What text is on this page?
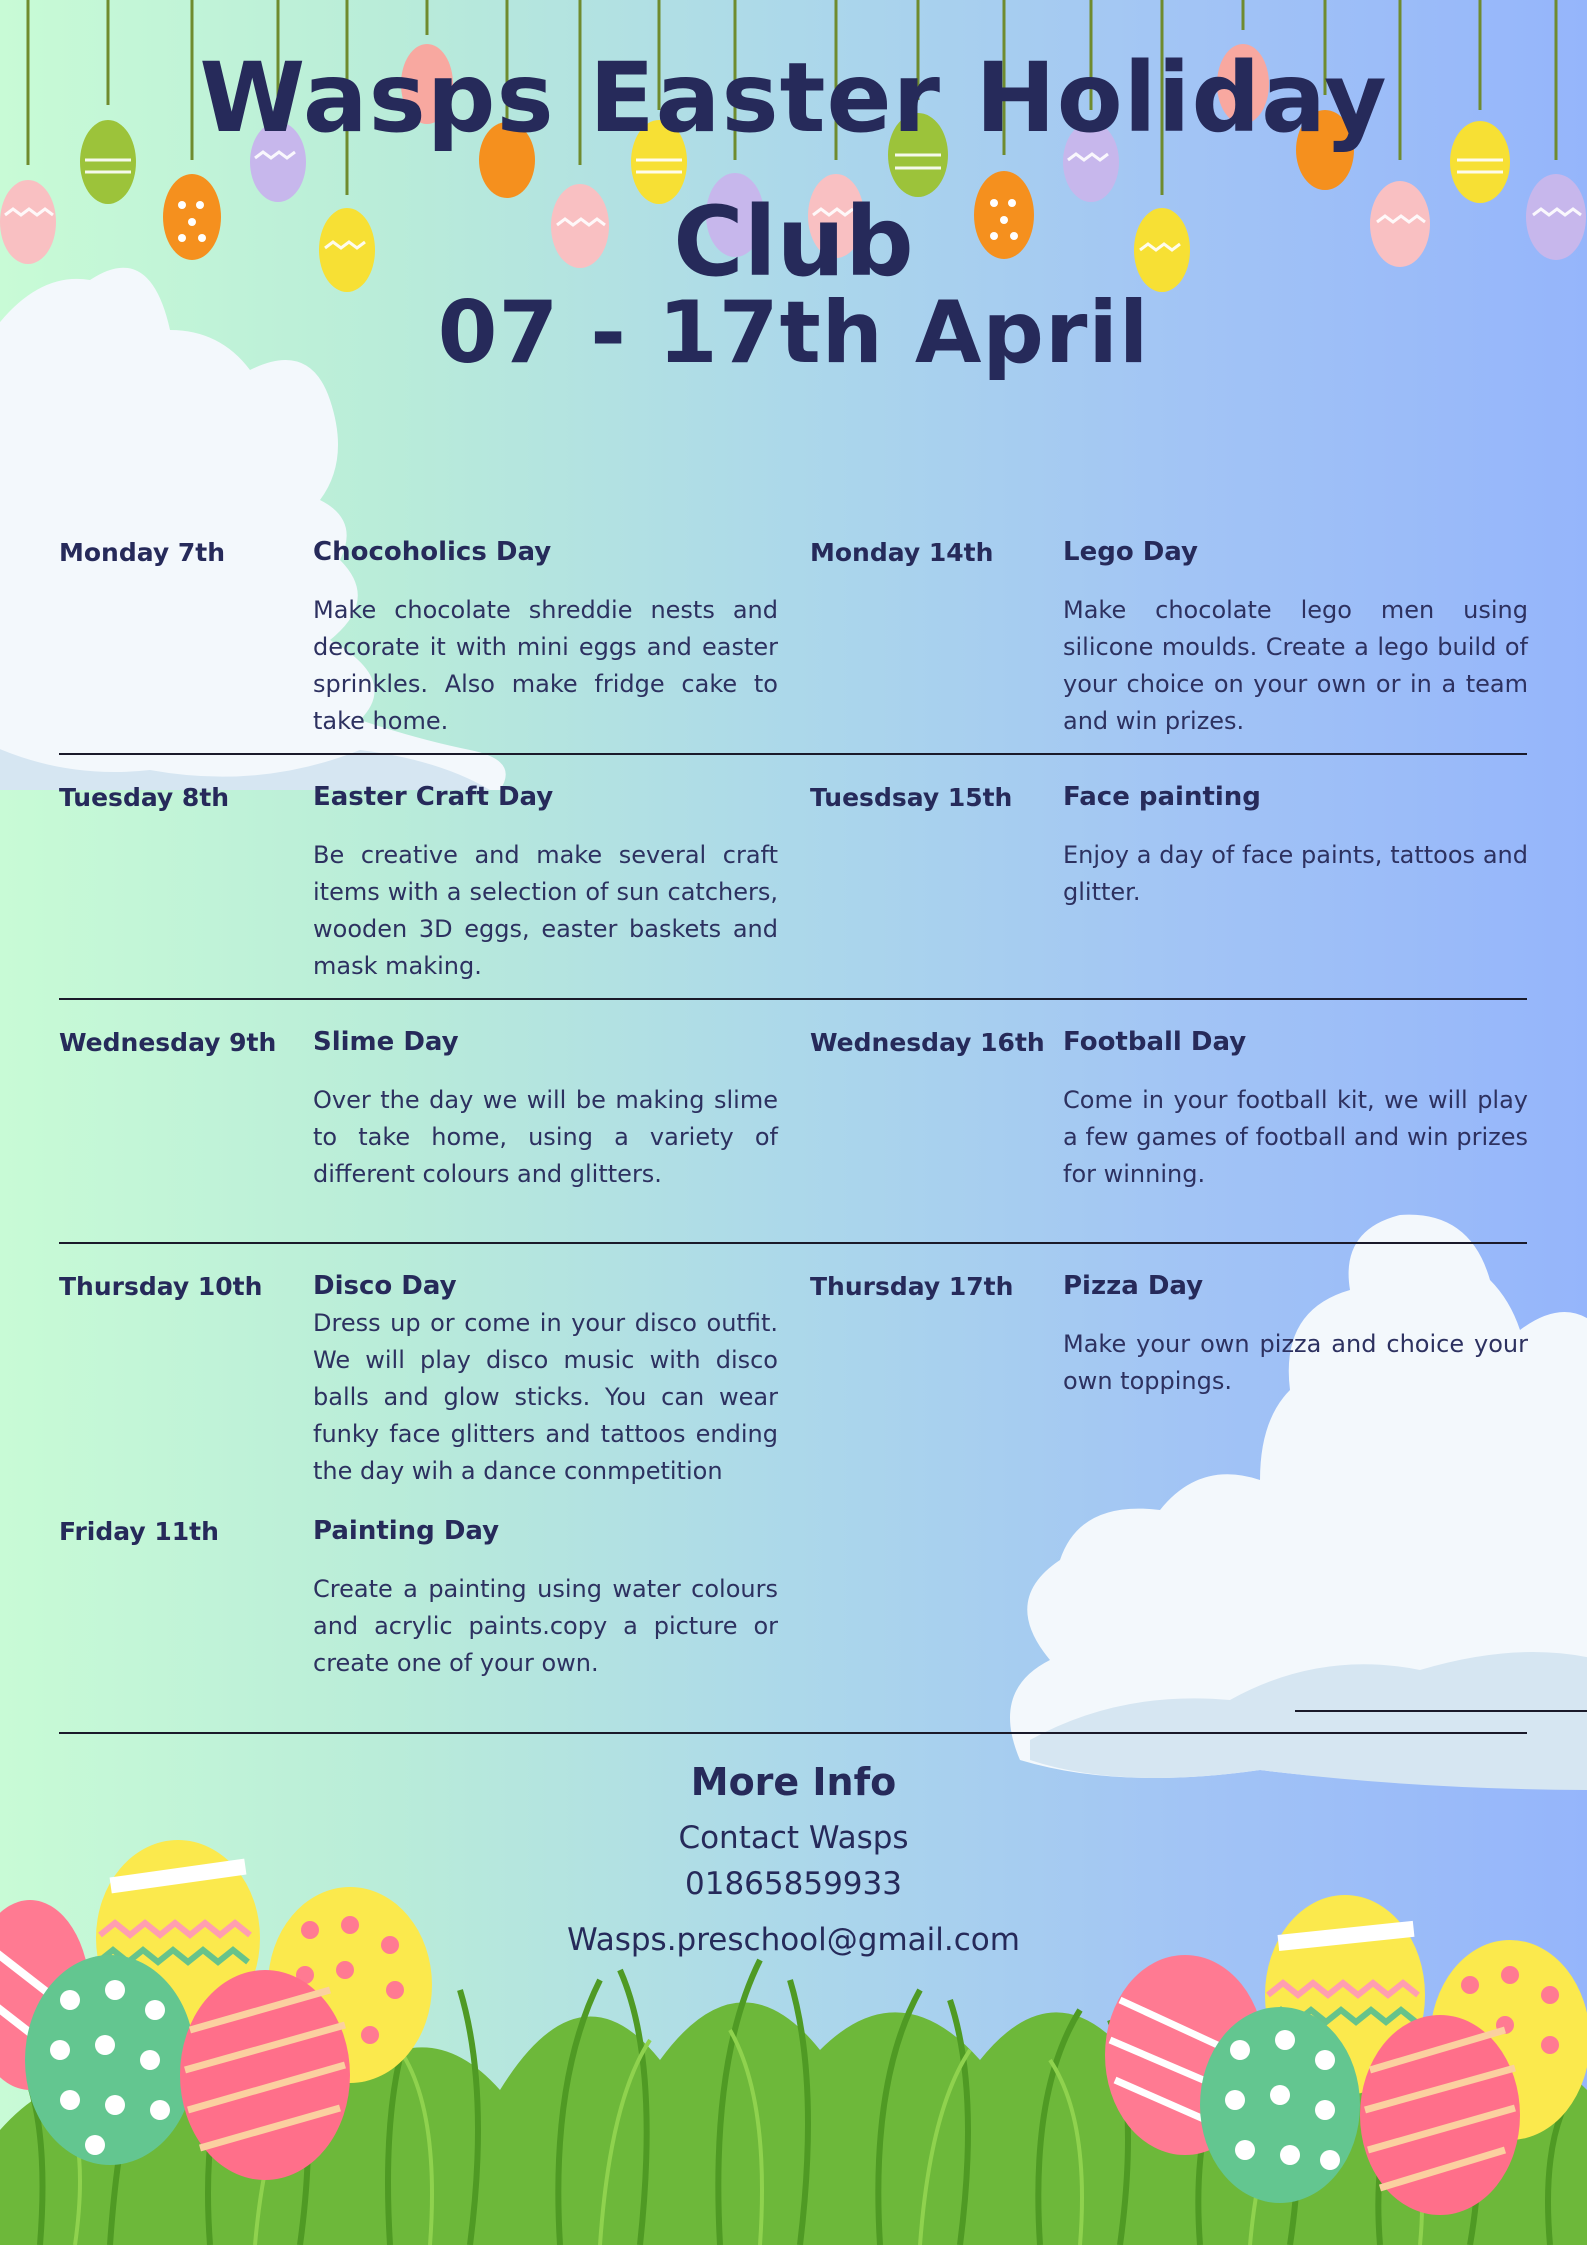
Wasps Easter Holiday
Club
07 - 17th April
Monday 7th	Chocoholics Day
Make chocolate shreddie nests and decorate it with mini eggs and easter sprinkles. Also make fridge cake to take home.
Monday 14th	Lego Day
Make chocolate lego men using silicone moulds. Create a lego build of your choice on your own or in a team and win prizes.
Tuesday 8th	Easter Craft Day
Be creative and make several craft items with a selection of sun catchers, wooden 3D eggs, easter baskets and mask making.
Tuesdsay 15th Face painting
Enjoy a day of face paints, tattoos and glitter.
Wednesday 9th Slime Day
Over the day we will be making slime to take home, using a variety of different colours and glitters.
Wednesday 16th Football Day
Come in your football kit, we will play a few games of football and win prizes for winning.
Thursday 10th Disco Day
Dress up or come in your disco outfit. We will play disco music with disco balls and glow sticks. You can wear funky face glitters and tattoos ending the day wih a dance conmpetition
Thursday 17th Pizza Day
Make your own pizza and choice your own toppings.
Friday 11th	Painting Day
Create a painting using water colours and acrylic paints.copy a picture or create one of your own.
More Info
Contact Wasps
01865859933
Wasps.preschool@gmail.com
